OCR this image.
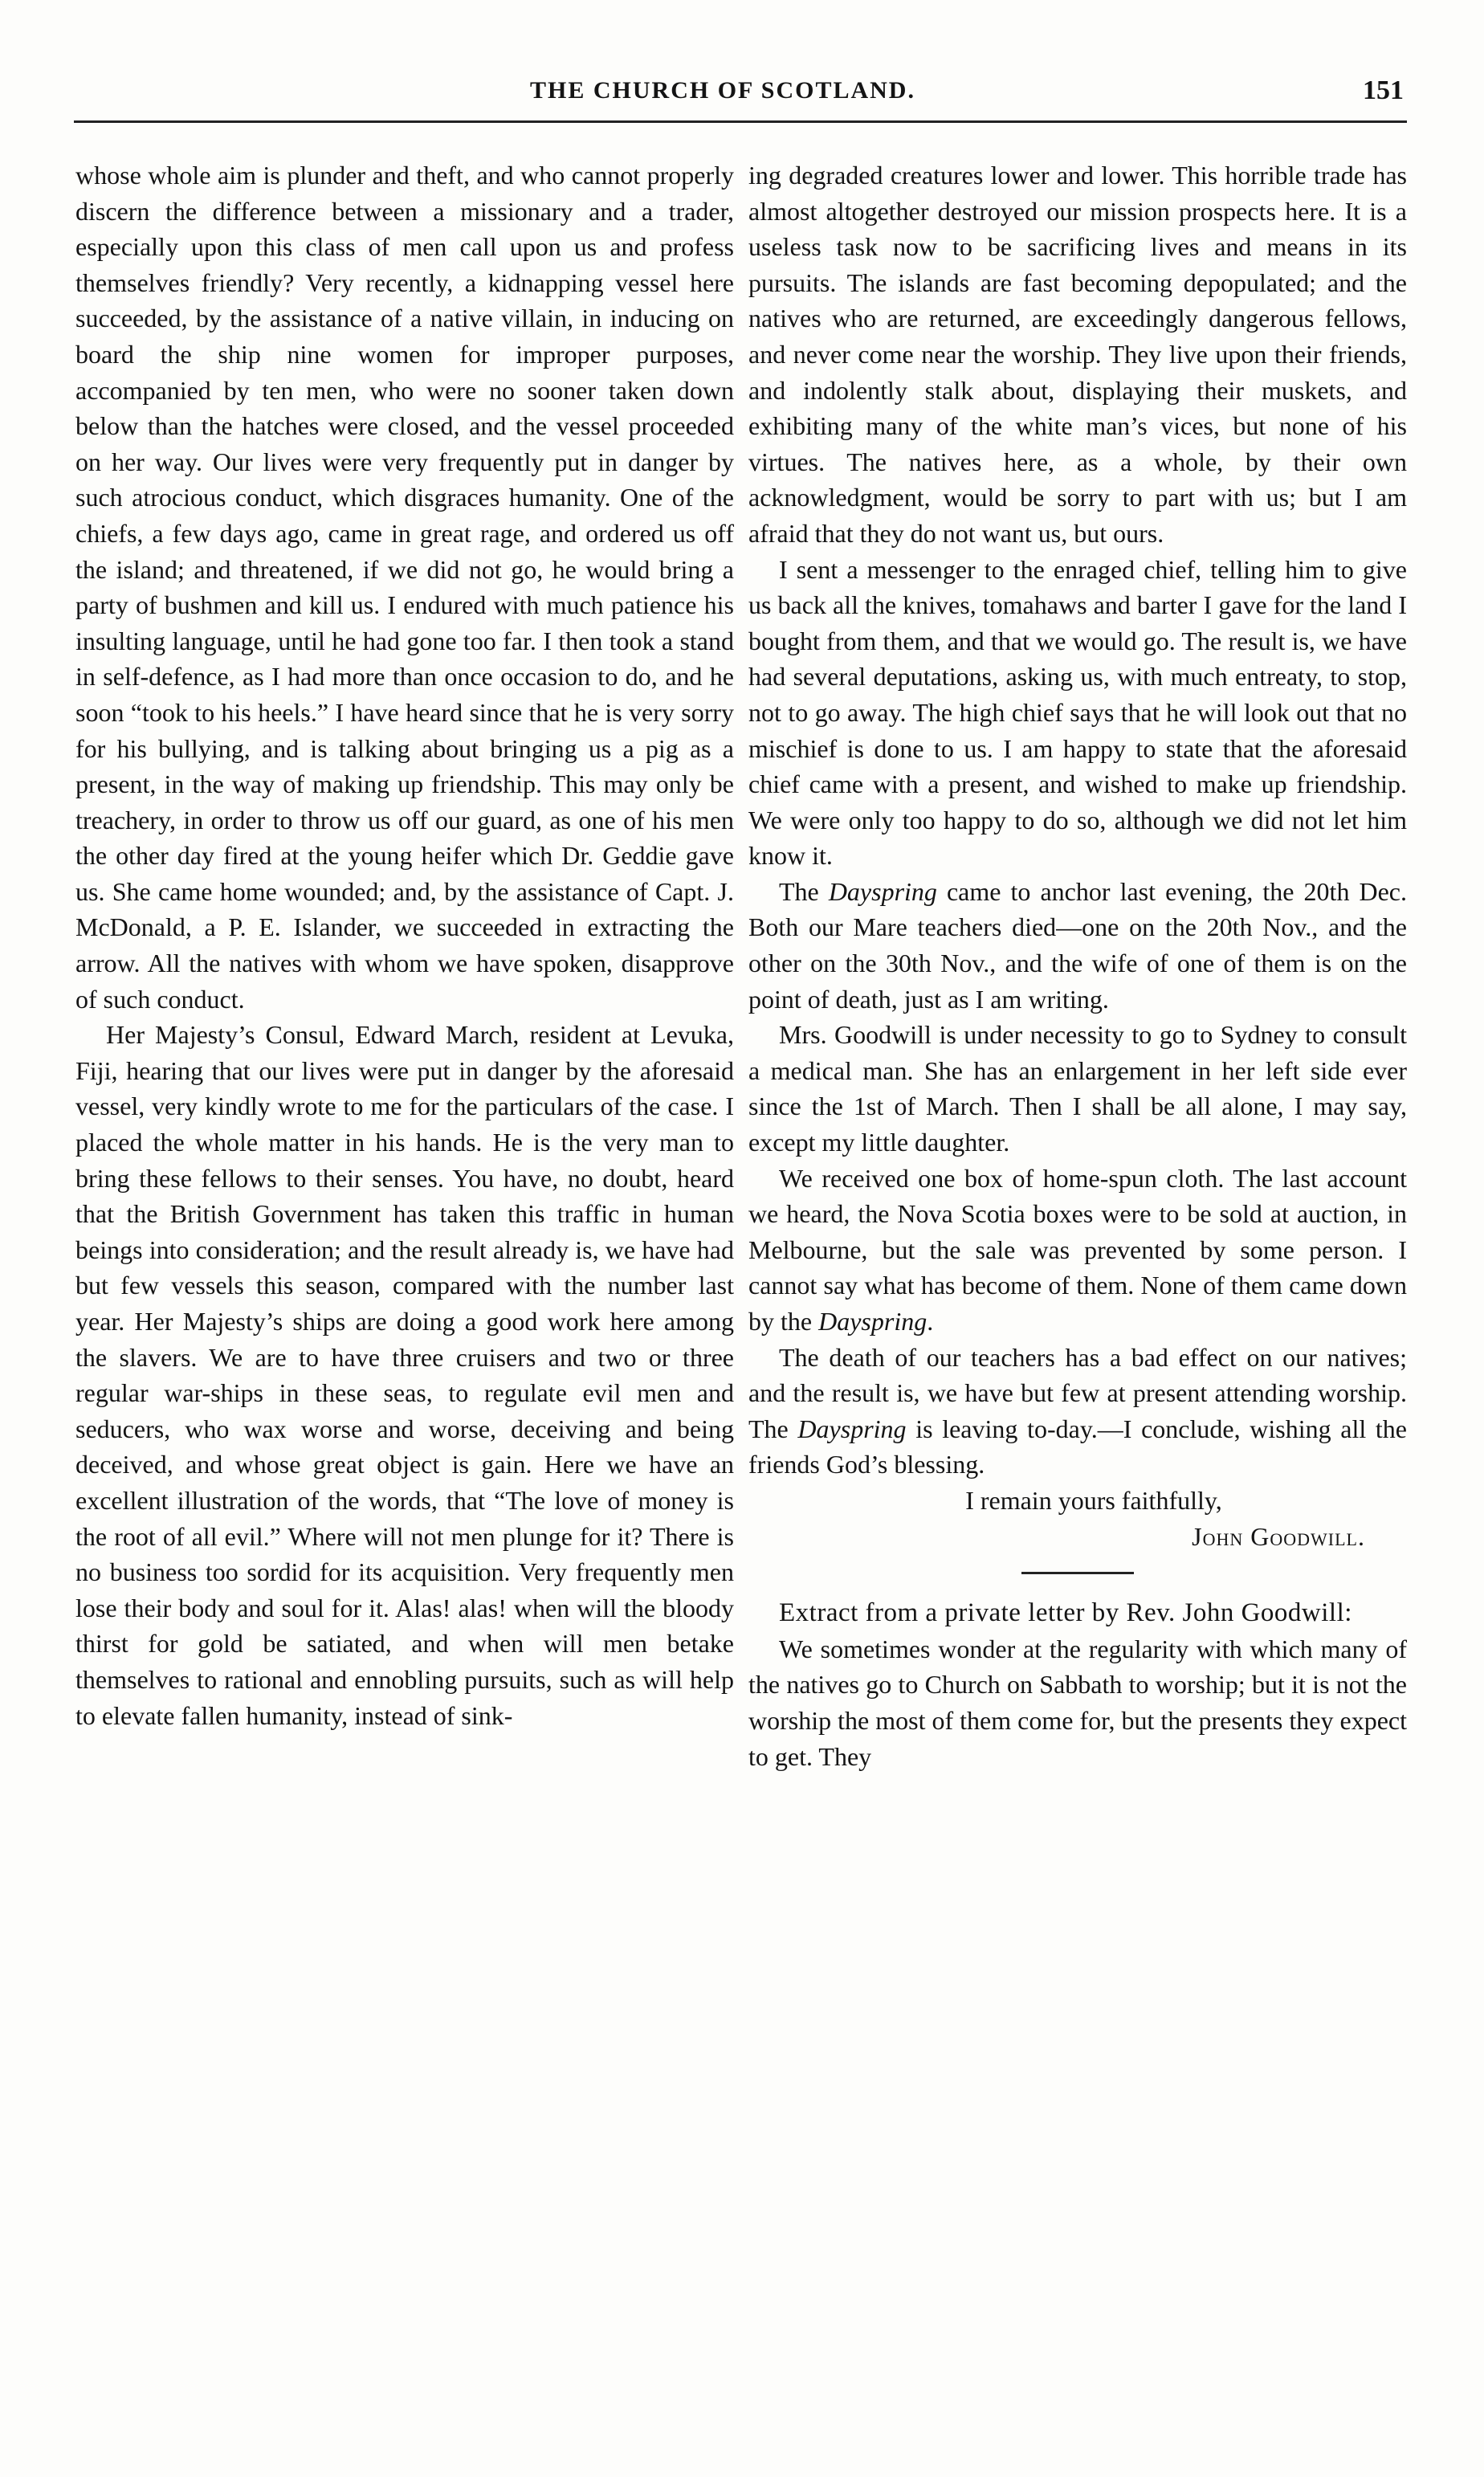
THE CHURCH OF SCOTLAND.	151

whose whole aim is plunder and theft, and who cannot properly discern the difference between a missionary and a trader, especially upon this class of men call upon us and profess themselves friendly? Very recently, a kidnapping vessel here succeeded, by the assistance of a native villain, in inducing on board the ship nine women for improper purposes, accompanied by ten men, who were no sooner taken down below than the hatches were closed, and the vessel proceeded on her way. Our lives were very frequently put in danger by such atrocious conduct, which disgraces humanity. One of the chiefs, a few days ago, came in great rage, and ordered us off the island; and threatened, if we did not go, he would bring a party of bushmen and kill us. I endured with much patience his insulting language, until he had gone too far. I then took a stand in self-defence, as I had more than once occasion to do, and he soon “took to his heels.” I have heard since that he is very sorry for his bullying, and is talking about bringing us a pig as a present, in the way of making up friendship. This may only be treachery, in order to throw us off our guard, as one of his men the other day fired at the young heifer which Dr. Geddie gave us. She came home wounded; and, by the assistance of Capt. J. McDonald, a P. E. Islander, we succeeded in extracting the arrow. All the natives with whom we have spoken, disapprove of such conduct.

Her Majesty’s Consul, Edward March, resident at Levuka, Fiji, hearing that our lives were put in danger by the aforesaid vessel, very kindly wrote to me for the particulars of the case. I placed the whole matter in his hands. He is the very man to bring these fellows to their senses. You have, no doubt, heard that the British Government has taken this traffic in human beings into consideration; and the result already is, we have had but few vessels this season, compared with the number last year. Her Majesty’s ships are doing a good work here among the slavers. We are to have three cruisers and two or three regular war-ships in these seas, to regulate evil men and seducers, who wax worse and worse, deceiving and being deceived, and whose great object is gain. Here we have an excellent illustration of the words, that “The love of money is the root of all evil.” Where will not men plunge for it? There is no business too sordid for its acquisition. Very frequently men lose their body and soul for it. Alas! alas! when will the bloody thirst for gold be satiated, and when will men betake themselves to rational and ennobling pursuits, such as will help to elevate fallen humanity, instead of sink-

ing degraded creatures lower and lower. This horrible trade has almost altogether destroyed our mission prospects here. It is a useless task now to be sacrificing lives and means in its pursuits. The islands are fast becoming depopulated; and the natives who are returned, are exceedingly dangerous fellows, and never come near the worship. They live upon their friends, and indolently stalk about, displaying their muskets, and exhibiting many of the white man’s vices, but none of his virtues. The natives here, as a whole, by their own acknowledgment, would be sorry to part with us; but I am afraid that they do not want us, but ours.

I sent a messenger to the enraged chief, telling him to give us back all the knives, tomahaws and barter I gave for the land I bought from them, and that we would go. The result is, we have had several deputations, asking us, with much entreaty, to stop, not to go away. The high chief says that he will look out that no mischief is done to us. I am happy to state that the aforesaid chief came with a present, and wished to make up friendship. We were only too happy to do so, although we did not let him know it.

The Dayspring came to anchor last evening, the 20th Dec. Both our Mare teachers died—one on the 20th Nov., and the other on the 30th Nov., and the wife of one of them is on the point of death, just as I am writing.

Mrs. Goodwill is under necessity to go to Sydney to consult a medical man. She has an enlargement in her left side ever since the 1st of March. Then I shall be all alone, I may say, except my little daughter.

We received one box of home-spun cloth. The last account we heard, the Nova Scotia boxes were to be sold at auction, in Melbourne, but the sale was prevented by some person. I cannot say what has become of them. None of them came down by the Dayspring.

The death of our teachers has a bad effect on our natives; and the result is, we have but few at present attending worship. The Dayspring is leaving to-day.—I conclude, wishing all the friends God’s blessing.

I remain yours faithfully,

John Goodwill.

Extract from a private letter by Rev. John Goodwill:

We sometimes wonder at the regularity with which many of the natives go to Church on Sabbath to worship; but it is not the worship the most of them come for, but the presents they expect to get. They
